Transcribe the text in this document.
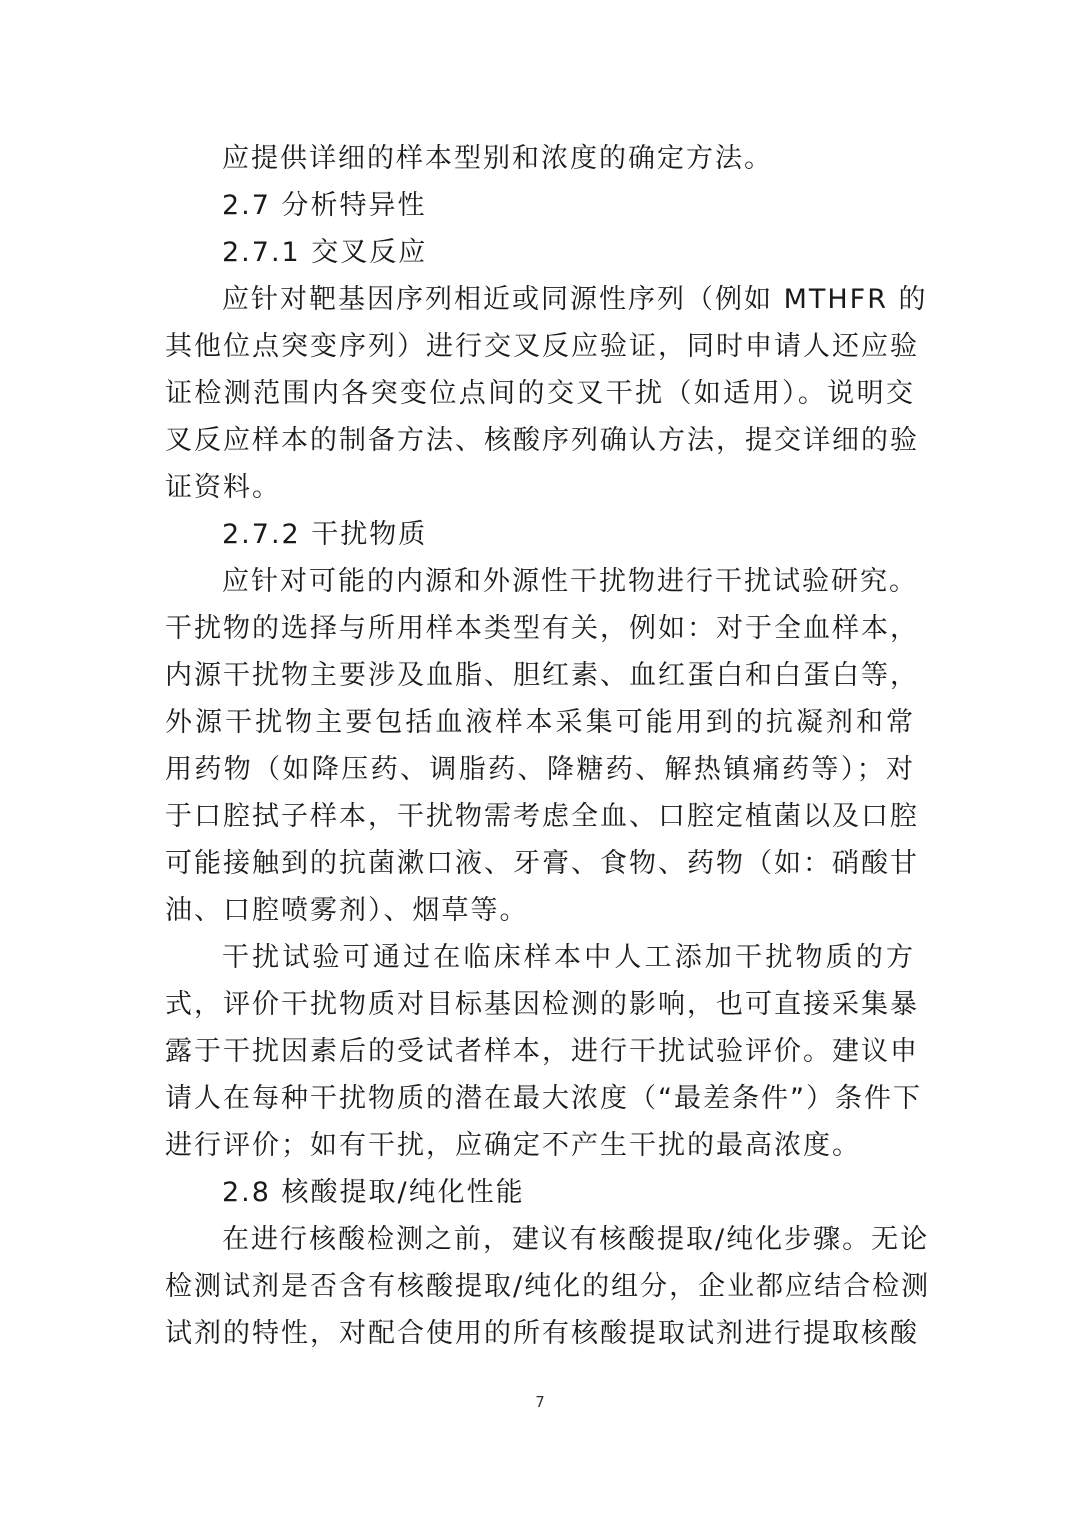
应提供详细的样本型别和浓度的确定方法。
2.7 分析特异性
2.7.1 交叉反应
应针对靶基因序列相近或同源性序列（例如 MTHFR 的
其他位点突变序列）进行交叉反应验证，同时申请人还应验
证检测范围内各突变位点间的交叉干扰（如适用）。说明交
叉反应样本的制备方法、核酸序列确认方法，提交详细的验
证资料。
2.7.2 干扰物质
应针对可能的内源和外源性干扰物进行干扰试验研究。
干扰物的选择与所用样本类型有关，例如：对于全血样本，
内源干扰物主要涉及血脂、胆红素、血红蛋白和白蛋白等，
外源干扰物主要包括血液样本采集可能用到的抗凝剂和常
用药物（如降压药、调脂药、降糖药、解热镇痛药等）；对
于口腔拭子样本，干扰物需考虑全血、口腔定植菌以及口腔
可能接触到的抗菌漱口液、牙膏、食物、药物（如：硝酸甘
油、口腔喷雾剂）、烟草等。
干扰试验可通过在临床样本中人工添加干扰物质的方
式，评价干扰物质对目标基因检测的影响，也可直接采集暴
露于干扰因素后的受试者样本，进行干扰试验评价。建议申
请人在每种干扰物质的潜在最大浓度（“最差条件”）条件下
进行评价；如有干扰，应确定不产生干扰的最高浓度。
2.8 核酸提取/纯化性能
在进行核酸检测之前，建议有核酸提取/纯化步骤。无论
检测试剂是否含有核酸提取/纯化的组分，企业都应结合检测
试剂的特性，对配合使用的所有核酸提取试剂进行提取核酸
7
